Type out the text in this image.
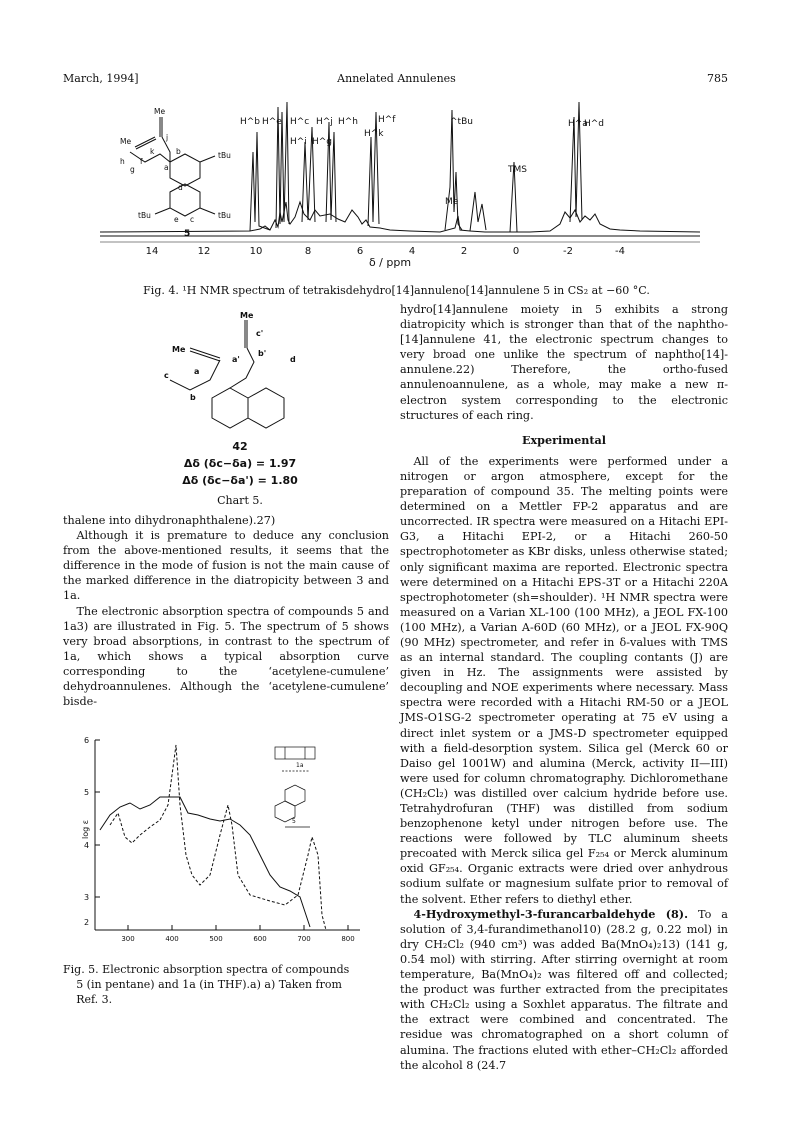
March, 1994]	Annelated Annulenes	785
14	12	10	8	6	4	2	0	-2	-4
δ / ppm
H^b H^e H^c H^j H^h
H^i H^g
H^k
H^f	^tBu
TMS
Me
H^a
H^d
Me
Me	j
k
f
h
g
b
a
tBu
tBu
tBu
d
e c
5
Fig. 4. ¹H NMR spectrum of tetrakisdehydro[14]annuleno[14]annulene 5 in CS₂ at −60 °C.
Me
Me
c'
b'
a'	d
a
c
b
42
Δδ (δc−δa) = 1.97
Δδ (δc−δa') = 1.80
Chart 5.

thalene into dihydronaphthalene).27)

Although it is premature to deduce any conclusion from the above-mentioned results, it seems that the difference in the mode of fusion is not the main cause of the marked difference in the diatropicity between 3 and 1a.

The electronic absorption spectra of compounds 5 and 1a3) are illustrated in Fig. 5. The spectrum of 5 shows very broad absorptions, in contrast to the spectrum of 1a, which shows a typical absorption curve corresponding to the ‘acetylene-cumulene’ dehydroannulenes. Although the ‘acetylene-cumulene’ bisde-

6
5
4
3
2
log ε
300	400	500	600	700	800
1a
5
Fig. 5. Electronic absorption spectra of compounds
5 (in pentane) and 1a (in THF).a) a) Taken from
Ref. 3.

hydro[14]annulene moiety in 5 exhibits a strong diatropicity which is stronger than that of the naphtho-[14]annulene 41, the electronic spectrum changes to very broad one unlike the spectrum of naphtho[14]-annulene.22) Therefore, the ortho-fused annulenoannulene, as a whole, may make a new π-electron system corresponding to the electronic structures of each ring.

Experimental

All of the experiments were performed under a nitrogen or argon atmosphere, except for the preparation of compound 35. The melting points were determined on a Mettler FP-2 apparatus and are uncorrected. IR spectra were measured on a Hitachi EPI-G3, a Hitachi EPI-2, or a Hitachi 260-50 spectrophotometer as KBr disks, unless otherwise stated; only significant maxima are reported. Electronic spectra were determined on a Hitachi EPS-3T or a Hitachi 220A spectrophotometer (sh=shoulder). ¹H NMR spectra were measured on a Varian XL-100 (100 MHz), a JEOL FX-100 (100 MHz), a Varian A-60D (60 MHz), or a JEOL FX-90Q (90 MHz) spectrometer, and refer in δ-values with TMS as an internal standard. The coupling contants (J) are given in Hz. The assignments were assisted by decoupling and NOE experiments where necessary. Mass spectra were recorded with a Hitachi RM-50 or a JEOL JMS-O1SG-2 spectrometer operating at 75 eV using a direct inlet system or a JMS-D spectrometer equipped with a field-desorption system. Silica gel (Merck 60 or Daiso gel 1001W) and alumina (Merck, activity II—III) were used for column chromatography. Dichloromethane (CH₂Cl₂) was distilled over calcium hydride before use. Tetrahydrofuran (THF) was distilled from sodium benzophenone ketyl under nitrogen before use. The reactions were followed by TLC aluminum sheets precoated with Merck silica gel F₂₅₄ or Merck aluminum oxid GF₂₅₄. Organic extracts were dried over anhydrous sodium sulfate or magnesium sulfate prior to removal of the solvent. Ether refers to diethyl ether.

4-Hydroxymethyl-3-furancarbaldehyde (8). To a solution of 3,4-furandimethanol10) (28.2 g, 0.22 mol) in dry CH₂Cl₂ (940 cm³) was added Ba(MnO₄)₂13) (141 g, 0.54 mol) with stirring. After stirring overnight at room temperature, Ba(MnO₄)₂ was filtered off and collected; the product was further extracted from the precipitates with CH₂Cl₂ using a Soxhlet apparatus. The filtrate and the extract were combined and concentrated. The residue was chromatographed on a short column of alumina. The fractions eluted with ether–CH₂Cl₂ afforded the alcohol 8 (24.7
